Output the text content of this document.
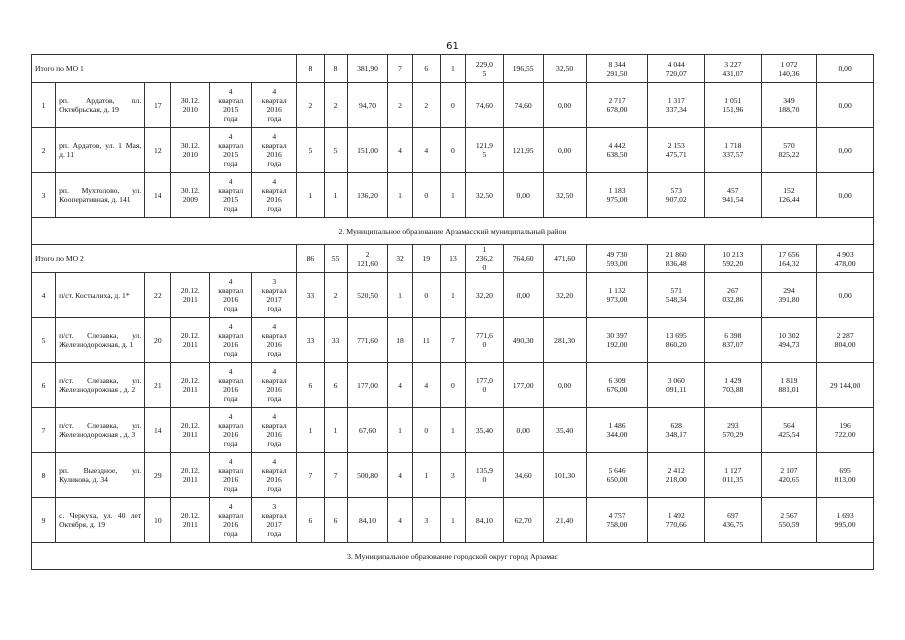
61
Итого по МО 1						8	8	381,90	7	6	1	229,0
5	196,55	32,50	8 344
291,50	4 044
720,07	3 227
431,07	1 072
140,36	0,00
1	рп. Ардатов, пл. Октябрьская, д. 19	17	30.12.
2010	4
квартал
2015
года	4
квартал
2016
года	2	2	94,70	2	2	0	74,60	74,60	0,00	2 717
678,00	1 317
337,34	1 051
151,96	349
188,70	0,00
2	рп. Ардатов, ул. 1 Мая, д. 11	12	30.12.
2010	4
квартал
2015
года	4
квартал
2016
года	5	5	151,00	4	4	0	121,9
5	121,95	0,00	4 442
638,50	2 153
475,71	1 718
337,57	570
825,22	0,00
3	рп. Мухтолово, ул. Кооперативная, д. 141	14	30.12.
2009	4
квартал
2015
года	4
квартал
2016
года	1	1	136,20	1	0	1	32,50	0,00	32,50	1 183
975,00	573
907,02	457
941,54	152
126,44	0,00
2. Муниципальное образование Арзамасский муниципальный район																			
Итого по МО 2						86	55	2
121,60	32	19	13	1
236,2
0	764,60	471,60	49 730
593,00	21 860
836,48	10 213
592,20	17 656
164,32	4 903
478,00
4	п/ст. Костылиха, д. 1*	22	20.12.
2011	4
квартал
2016
года	3
квартал
2017
года	33	2	520,50	1	0	1	32,20	0,00	32,20	1 132
973,00	571
548,34	267
032,86	294
391,80	0,00
5	п/ст. Слезавка, ул. Железнодорожная, д. 1	20	20.12.
2011	4
квартал
2016
года	4
квартал
2016
года	33	33	771,60	18	11	7	771,6
0	490,30	281,30	30 397
192,00	13 695
860,20	6 398
837,07	10 302
494,73	2 287
804,00
6	п/ст. Слезавка, ул. Железнодорожная , д. 2	21	20.12.
2011	4
квартал
2016
года	4
квартал
2016
года	6	6	177,00	4	4	0	177,0
0	177,00	0,00	6 309
676,00	3 060
091,11	1 429
703,88	1 819
881,01	29 144,00
7	п/ст. Слезавка, ул. Железнодорожная , д. 3	14	20.12.
2011	4
квартал
2016
года	4
квартал
2016
года	1	1	67,60	1	0	1	35,40	0,00	35,40	1 486
344,00	628
348,17	293
570,29	564
425,54	196
722,00
8	рп. Выездное, ул. Куликова, д. 34	29	20.12.
2011	4
квартал
2016
года	4
квартал
2016
года	7	7	500,80	4	1	3	135,9
0	34,60	101,30	5 646
650,00	2 412
218,00	1 127
011,35	2 107
420,65	695
813,00
9	с. Черкуха, ул. 40 лет Октября, д. 19	10	20.12.
2011	4
квартал
2016
года	3
квартал
2017
года	6	6	84,10	4	3	1	84,10	62,70	21,40	4 757
758,00	1 492
770,66	697
436,75	2 567
550,59	1 693
995,00
3. Муниципальное образование городской округ город Арзамас																			
